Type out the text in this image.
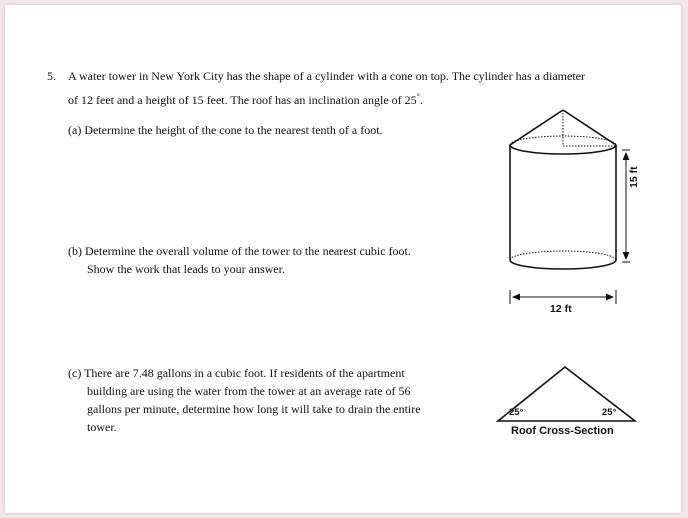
5. A water tower in New York City has the shape of a cylinder with a cone on top. The cylinder has a diameter
of 12 feet and a height of 15 feet. The roof has an inclination angle of 25°.
(a) Determine the height of the cone to the nearest tenth of a foot.
(b) Determine the overall volume of the tower to the nearest cubic foot.
Show the work that leads to your answer.
(c) There are 7.48 gallons in a cubic foot. If residents of the apartment
building are using the water from the tower at an average rate of 56
gallons per minute, determine how long it will take to drain the entire
tower.
15 ft
12 ft
25°	25°
Roof Cross-Section
